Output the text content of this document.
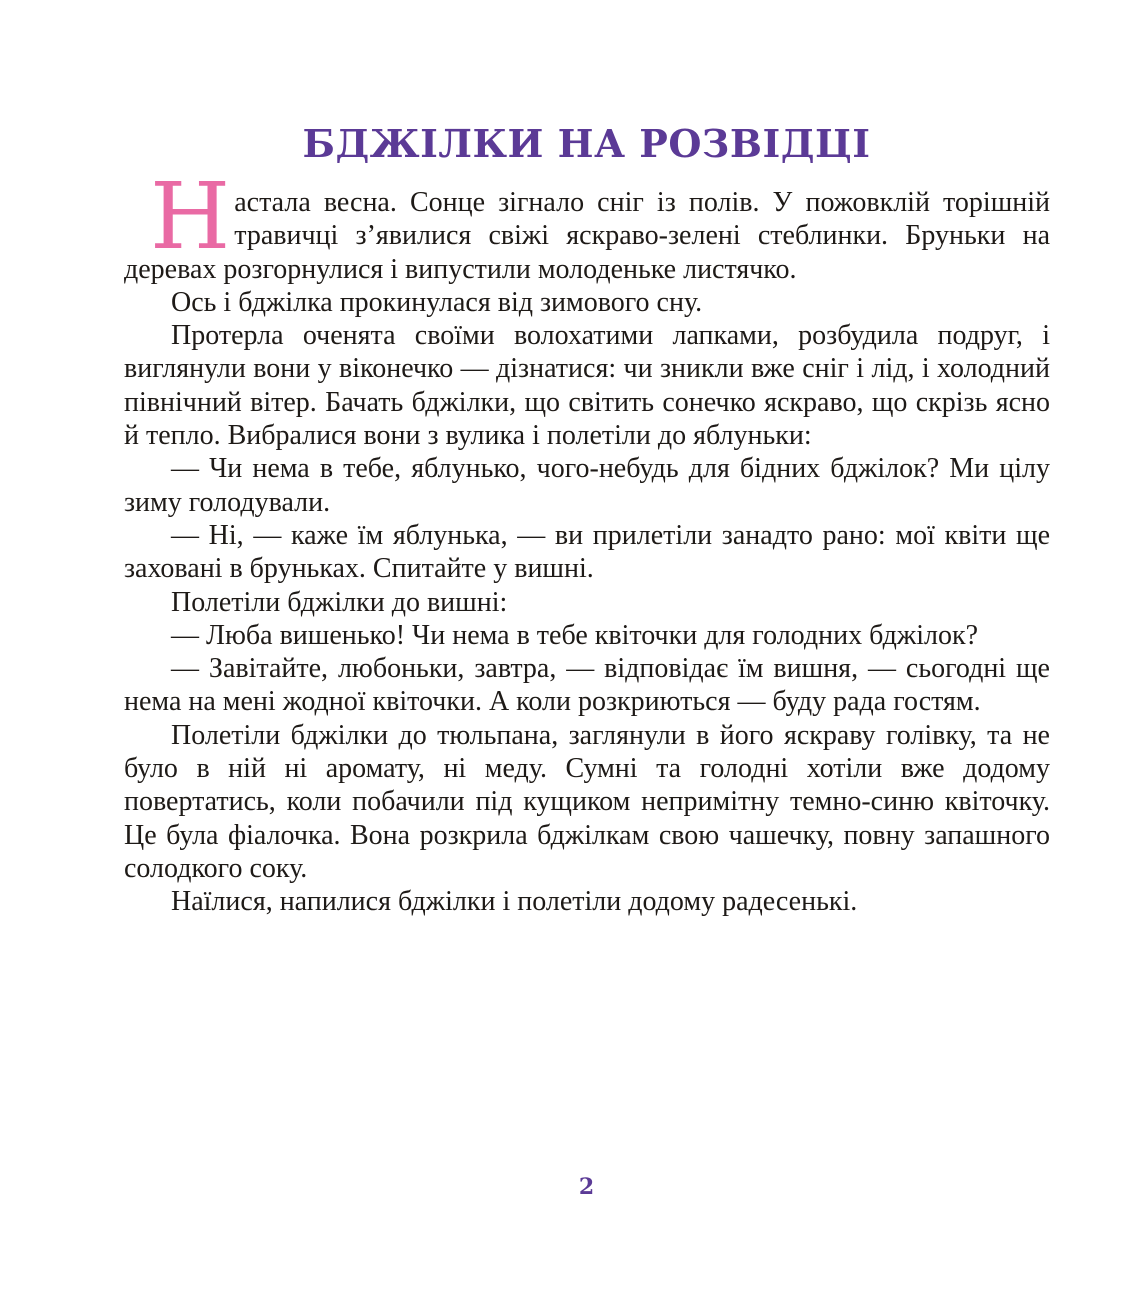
БДЖІЛКИ НА РОЗВІДЦІ

Настала весна. Сонце зігнало сніг із полів. У пожовклій торішній травичці з’явилися свіжі яскраво-зелені стеблинки. Бруньки на деревах розгорнулися і випустили молоденьке листячко.

Ось і бджілка прокинулася від зимового сну.

Протерла оченята своїми волохатими лапками, розбудила подруг, і виглянули вони у віконечко — дізнатися: чи зникли вже сніг і лід, і холодний північний вітер. Бачать бджілки, що світить сонечко яскраво, що скрізь ясно й тепло. Вибралися вони з вулика і полетіли до яблуньки:

— Чи нема в тебе, яблунько, чого-небудь для бідних бджілок? Ми цілу зиму голодували.

— Ні, — каже їм яблунька, — ви прилетіли занадто рано: мої квіти ще заховані в бруньках. Спитайте у вишні.

Полетіли бджілки до вишні:

— Люба вишенько! Чи нема в тебе квіточки для голодних бджілок?

— Завітайте, любоньки, завтра, — відповідає їм вишня, — сьогодні ще нема на мені жодної квіточки. А коли розкриються — буду рада гостям.

Полетіли бджілки до тюльпана, заглянули в його яскраву голівку, та не було в ній ні аромату, ні меду. Сумні та голодні хотіли вже додому повертатись, коли побачили під кущиком непримітну темно-синю квіточку. Це була фіалочка. Вона розкрила бджілкам свою чашечку, повну запашного солодкого соку.

Наїлися, напилися бджілки і полетіли додому радесенькі.

2
